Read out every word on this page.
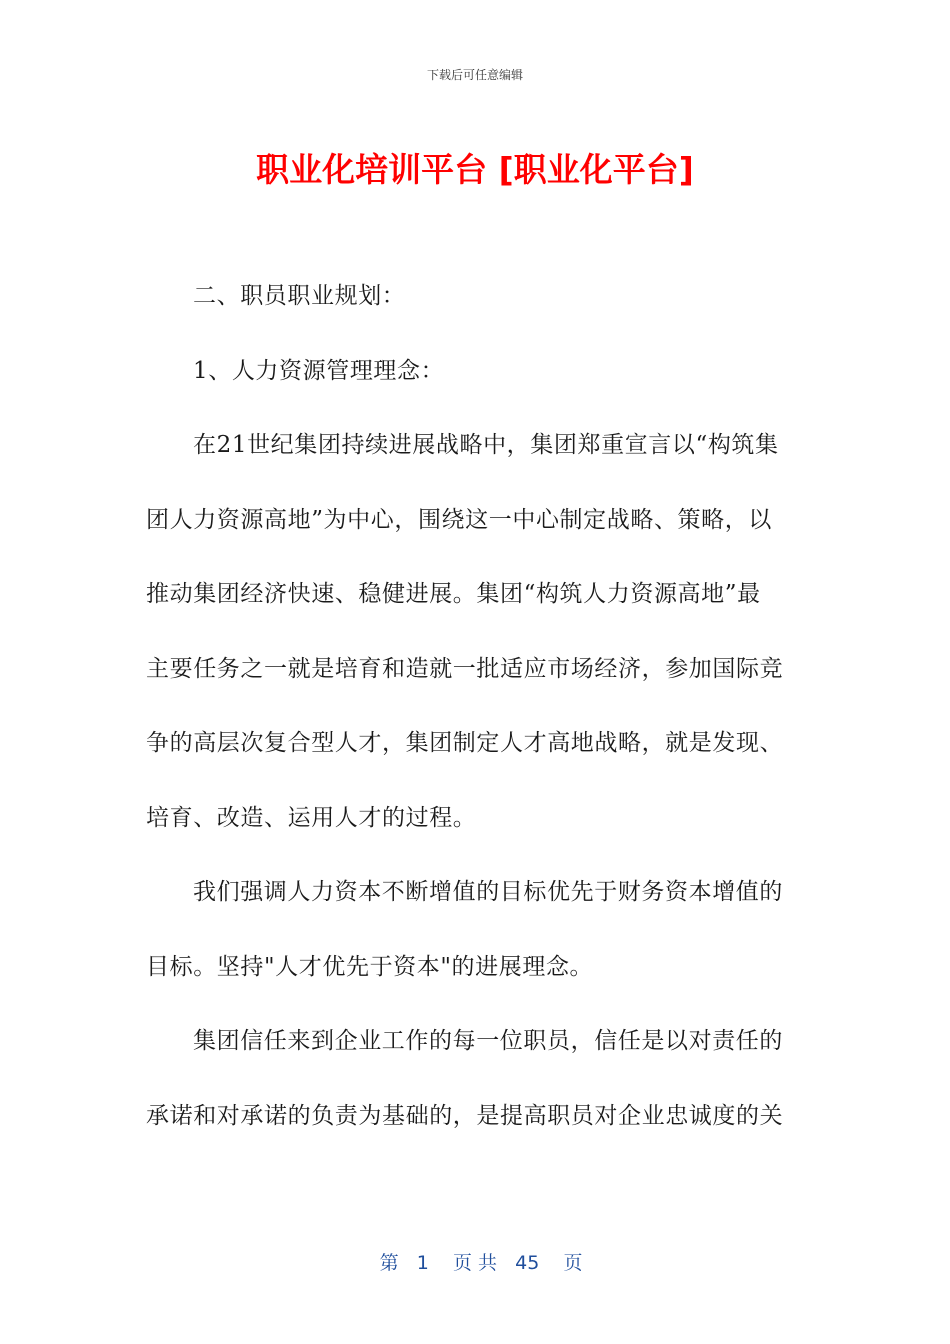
下载后可任意编辑
职业化培训平台 [职业化平台]
二、职员职业规划：
1、人力资源管理理念：
在21世纪集团持续进展战略中，集团郑重宣言以“构筑集
团人力资源高地”为中心，围绕这一中心制定战略、策略，以
推动集团经济快速、稳健进展。集团“构筑人力资源高地”最
主要任务之一就是培育和造就一批适应市场经济，参加国际竞
争的高层次复合型人才，集团制定人才高地战略，就是发现、
培育、改造、运用人才的过程。
我们强调人力资本不断增值的目标优先于财务资本增值的
目标。坚持"人才优先于资本"的进展理念。
集团信任来到企业工作的每一位职员，信任是以对责任的
承诺和对承诺的负责为基础的，是提高职员对企业忠诚度的关

第 1 页 共 45 页
